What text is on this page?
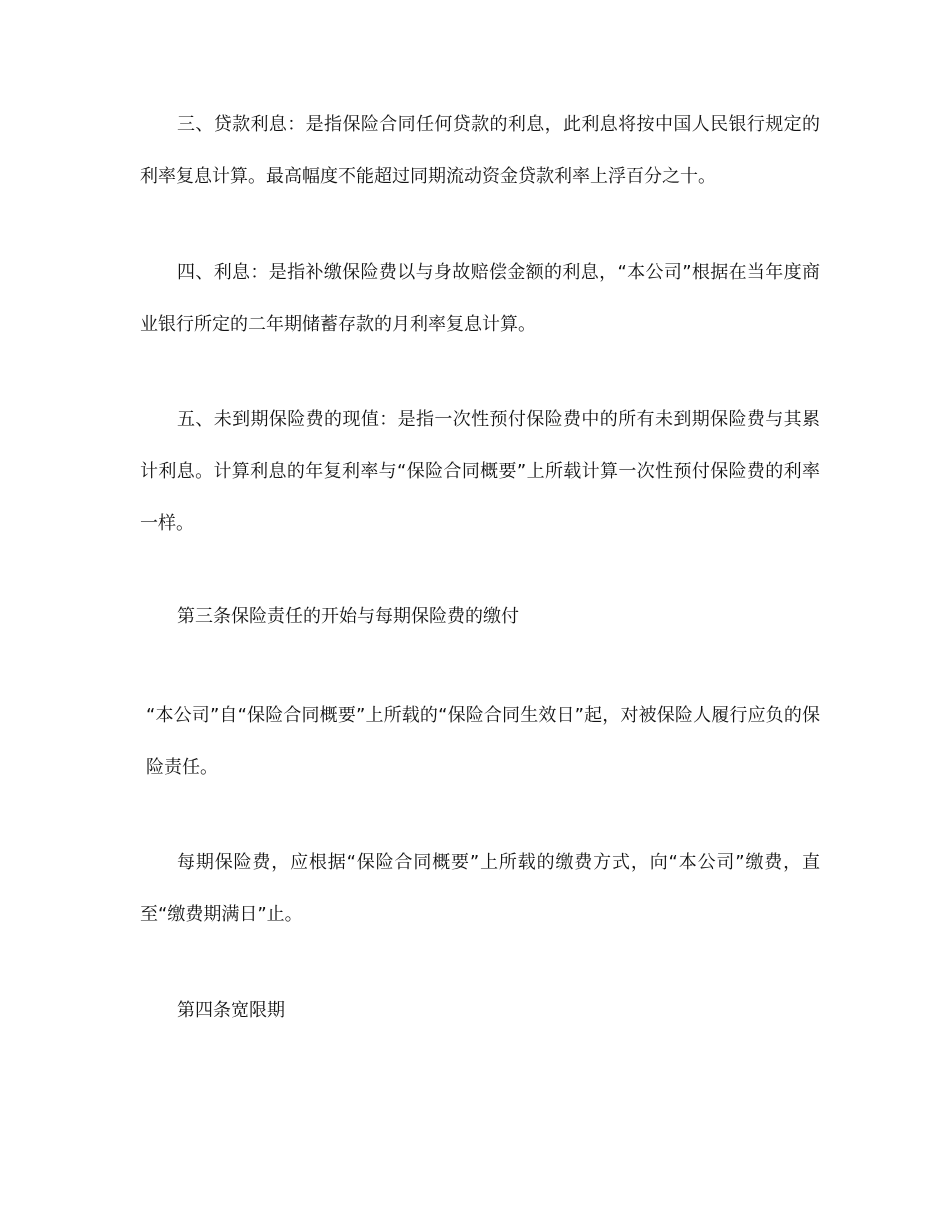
三、贷款利息：是指保险合同任何贷款的利息，此利息将按中国人民银行规定的利率复息计算。最高幅度不能超过同期流动资金贷款利率上浮百分之十。

四、利息：是指补缴保险费以与身故赔偿金额的利息，“本公司”根据在当年度商业银行所定的二年期储蓄存款的月利率复息计算。

五、未到期保险费的现值：是指一次性预付保险费中的所有未到期保险费与其累计利息。计算利息的年复利率与“保险合同概要”上所载计算一次性预付保险费的利率一样。

第三条保险责任的开始与每期保险费的缴付

“本公司”自“保险合同概要”上所载的“保险合同生效日”起，对被保险人履行应负的保险责任。

每期保险费，应根据“保险合同概要”上所载的缴费方式，向“本公司”缴费，直至“缴费期满日”止。

第四条宽限期
